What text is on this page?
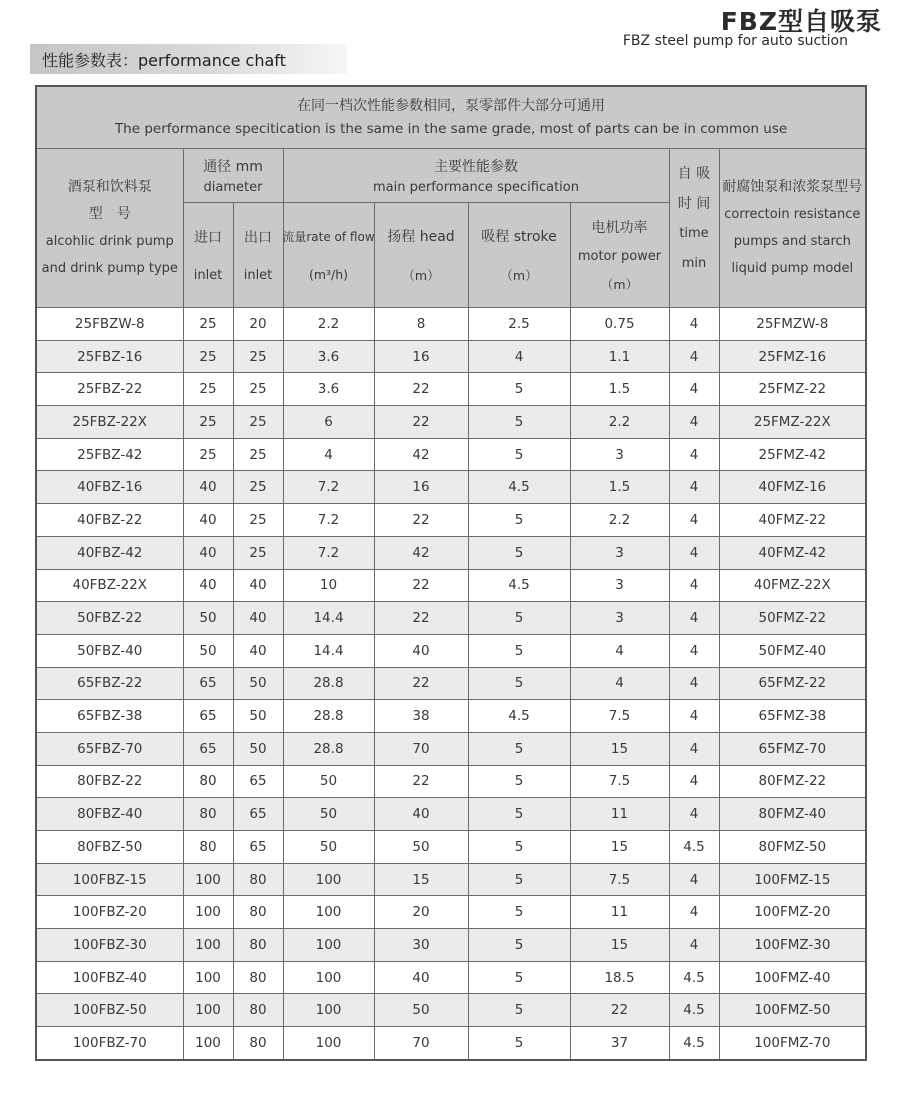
FBZ型自吸泵
FBZ steel pump for auto suction
性能参数表：performance chaft
在同一档次性能参数相同，泵零部件大部分可通用
The performance specitication is the same in the same grade, most of parts can be in common use								

酒泵和饮料泵
型　号
alcohlic drink pump
and drink pump type

通径 mm
diameter

主要性能参数
main performance specification

自 吸
时 间
time
min

耐腐蚀泵和浓浆泵型号
correctoin resistance
pumps and starch
liquid pump model

进口
inlet

出口
inlet

流量rate of flow
(m³/h)

扬程 head
（m）

吸程 stroke
（m）

电机功率
motor power
（m）

25FBZW-8	25	20	2.2	8	2.5	0.75	4	25FMZW-8
25FBZ-16	25	25	3.6	16	4	1.1	4	25FMZ-16
25FBZ-22	25	25	3.6	22	5	1.5	4	25FMZ-22
25FBZ-22X	25	25	6	22	5	2.2	4	25FMZ-22X
25FBZ-42	25	25	4	42	5	3	4	25FMZ-42
40FBZ-16	40	25	7.2	16	4.5	1.5	4	40FMZ-16
40FBZ-22	40	25	7.2	22	5	2.2	4	40FMZ-22
40FBZ-42	40	25	7.2	42	5	3	4	40FMZ-42
40FBZ-22X	40	40	10	22	4.5	3	4	40FMZ-22X
50FBZ-22	50	40	14.4	22	5	3	4	50FMZ-22
50FBZ-40	50	40	14.4	40	5	4	4	50FMZ-40
65FBZ-22	65	50	28.8	22	5	4	4	65FMZ-22
65FBZ-38	65	50	28.8	38	4.5	7.5	4	65FMZ-38
65FBZ-70	65	50	28.8	70	5	15	4	65FMZ-70
80FBZ-22	80	65	50	22	5	7.5	4	80FMZ-22
80FBZ-40	80	65	50	40	5	11	4	80FMZ-40
80FBZ-50	80	65	50	50	5	15	4.5	80FMZ-50
100FBZ-15	100	80	100	15	5	7.5	4	100FMZ-15
100FBZ-20	100	80	100	20	5	11	4	100FMZ-20
100FBZ-30	100	80	100	30	5	15	4	100FMZ-30
100FBZ-40	100	80	100	40	5	18.5	4.5	100FMZ-40
100FBZ-50	100	80	100	50	5	22	4.5	100FMZ-50
100FBZ-70	100	80	100	70	5	37	4.5	100FMZ-70
